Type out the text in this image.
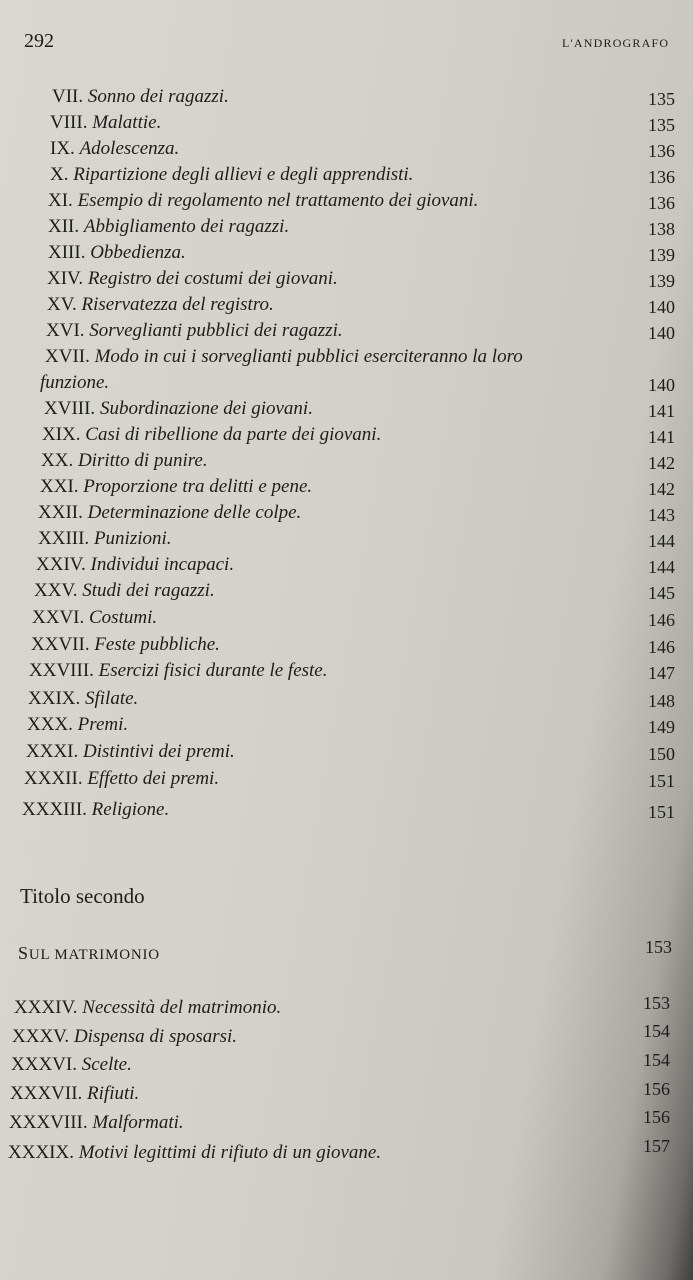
292	L'ANDROGRAFO
VII. Sonno dei ragazzi.	135
VIII. Malattie.	135
IX. Adolescenza.	136
X. Ripartizione degli allievi e degli apprendisti.	136
XI. Esempio di regolamento nel trattamento dei giovani.	136
XII. Abbigliamento dei ragazzi.	138
XIII. Obbedienza.	139
XIV. Registro dei costumi dei giovani.	139
XV. Riservatezza del registro.	140
XVI. Sorveglianti pubblici dei ragazzi.	140
XVII. Modo in cui i sorveglianti pubblici eserciteranno la loro
funzione.	140
XVIII. Subordinazione dei giovani.	141
XIX. Casi di ribellione da parte dei giovani.	141
XX. Diritto di punire.	142
XXI. Proporzione tra delitti e pene.	142
XXII. Determinazione delle colpe.	143
XXIII. Punizioni.	144
XXIV. Individui incapaci.	144
XXV. Studi dei ragazzi.	145
XXVI. Costumi.	146
XXVII. Feste pubbliche.	146
XXVIII. Esercizi fisici durante le feste.	147
XXIX. Sfilate.	148
XXX. Premi.	149
XXXI. Distintivi dei premi.	150
XXXII. Effetto dei premi.	151
XXXIII. Religione.	151
Titolo secondo
SUL MATRIMONIO	153
XXXIV. Necessità del matrimonio.	153
XXXV. Dispensa di sposarsi.	154
XXXVI. Scelte.	154
XXXVII. Rifiuti.	156
XXXVIII. Malformati.	156
XXXIX. Motivi legittimi di rifiuto di un giovane.	157
